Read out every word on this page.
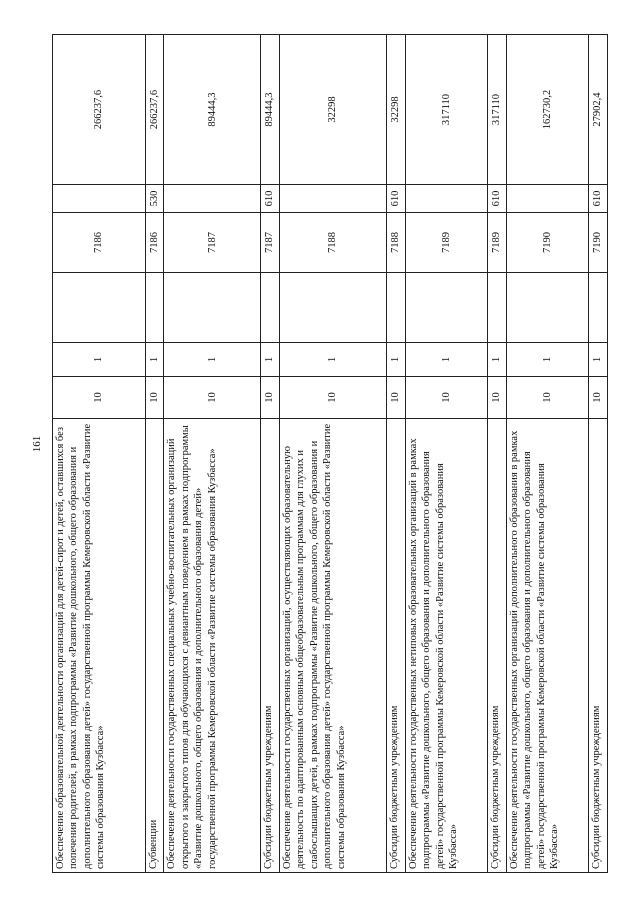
161 Обеспечение образовательной деятельности организаций для детей-сирот и детей, оставшихся без попечения родителей, в рамках подпрограммы «Развитие дошкольного, общего образования и дополнительного образования детей» государственной программы Кемеровской области «Развитие системы образования Кузбасса»	10	1		7186		266237,6
Субвенции	10	1		7186	530	266237,6
Обеспечение деятельности государственных специальных учебно-воспитательных организаций открытого и закрытого типов для обучающихся с девиантным поведением в рамках подпрограммы «Развитие дошкольного, общего образования и дополнительного образования детей» государственной программы Кемеровской области «Развитие системы образования Кузбасса»	10	1		7187		89444,3
Субсидии бюджетным учреждениям	10	1		7187	610	89444,3
Обеспечение деятельности государственных организаций, осуществляющих образовательную деятельность по адаптированным основным общеобразовательным программам для глухих и слабослышащих детей, в рамках подпрограммы «Развитие дошкольного, общего образования и дополнительного образования детей» государственной программы Кемеровской области «Развитие системы образования Кузбасса»	10	1		7188		32298
Субсидии бюджетным учреждениям	10	1		7188	610	32298
Обеспечение деятельности государственных нетиповых образовательных организаций в рамках подпрограммы «Развитие дошкольного, общего образования и дополнительного образования детей» государственной программы Кемеровской области «Развитие системы образования Кузбасса»	10	1		7189		317110
Субсидии бюджетным учреждениям	10	1		7189	610	317110
Обеспечение деятельности государственных организаций дополнительного образования в рамках подпрограммы «Развитие дошкольного, общего образования и дополнительного образования детей» государственной программы Кемеровской области «Развитие системы образования Кузбасса»	10	1		7190		162730,2
Субсидии бюджетным учреждениям	10	1		7190	610	27902,4
